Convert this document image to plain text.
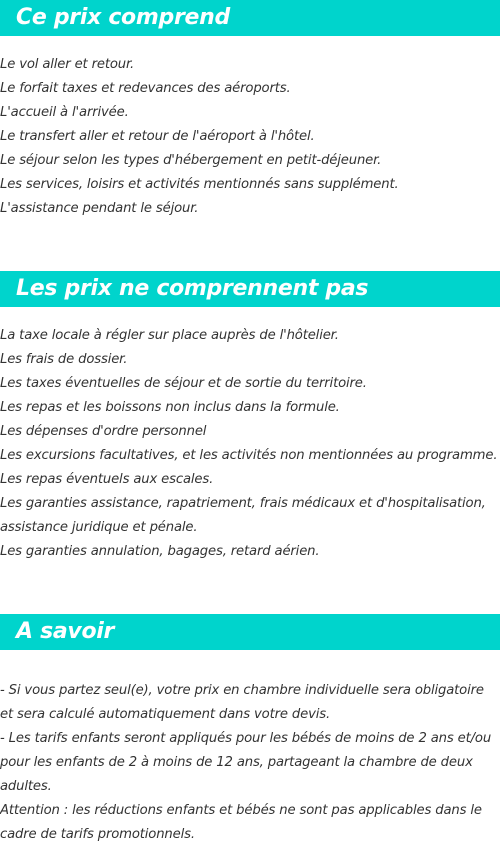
Ce prix comprend

Le vol aller et retour.

Le forfait taxes et redevances des aéroports.

L'accueil à l'arrivée.

Le transfert aller et retour de l'aéroport à l'hôtel.

Le séjour selon les types d'hébergement en petit-déjeuner.

Les services, loisirs et activités mentionnés sans supplément.

L'assistance pendant le séjour.

Les prix ne comprennent pas

La taxe locale à régler sur place auprès de l'hôtelier.

Les frais de dossier.

Les taxes éventuelles de séjour et de sortie du territoire.

Les repas et les boissons non inclus dans la formule.

Les dépenses d'ordre personnel

Les excursions facultatives, et les activités non mentionnées au programme.

Les repas éventuels aux escales.

Les garanties assistance, rapatriement, frais médicaux et d'hospitalisation, assistance juridique et pénale.

Les garanties annulation, bagages, retard aérien.

A savoir

- Si vous partez seul(e), votre prix en chambre individuelle sera obligatoire et sera calculé automatiquement dans votre devis.

- Les tarifs enfants seront appliqués pour les bébés de moins de 2 ans et/ou pour les enfants de 2 à moins de 12 ans, partageant la chambre de deux adultes.

Attention : les réductions enfants et bébés ne sont pas applicables dans le cadre de tarifs promotionnels.
